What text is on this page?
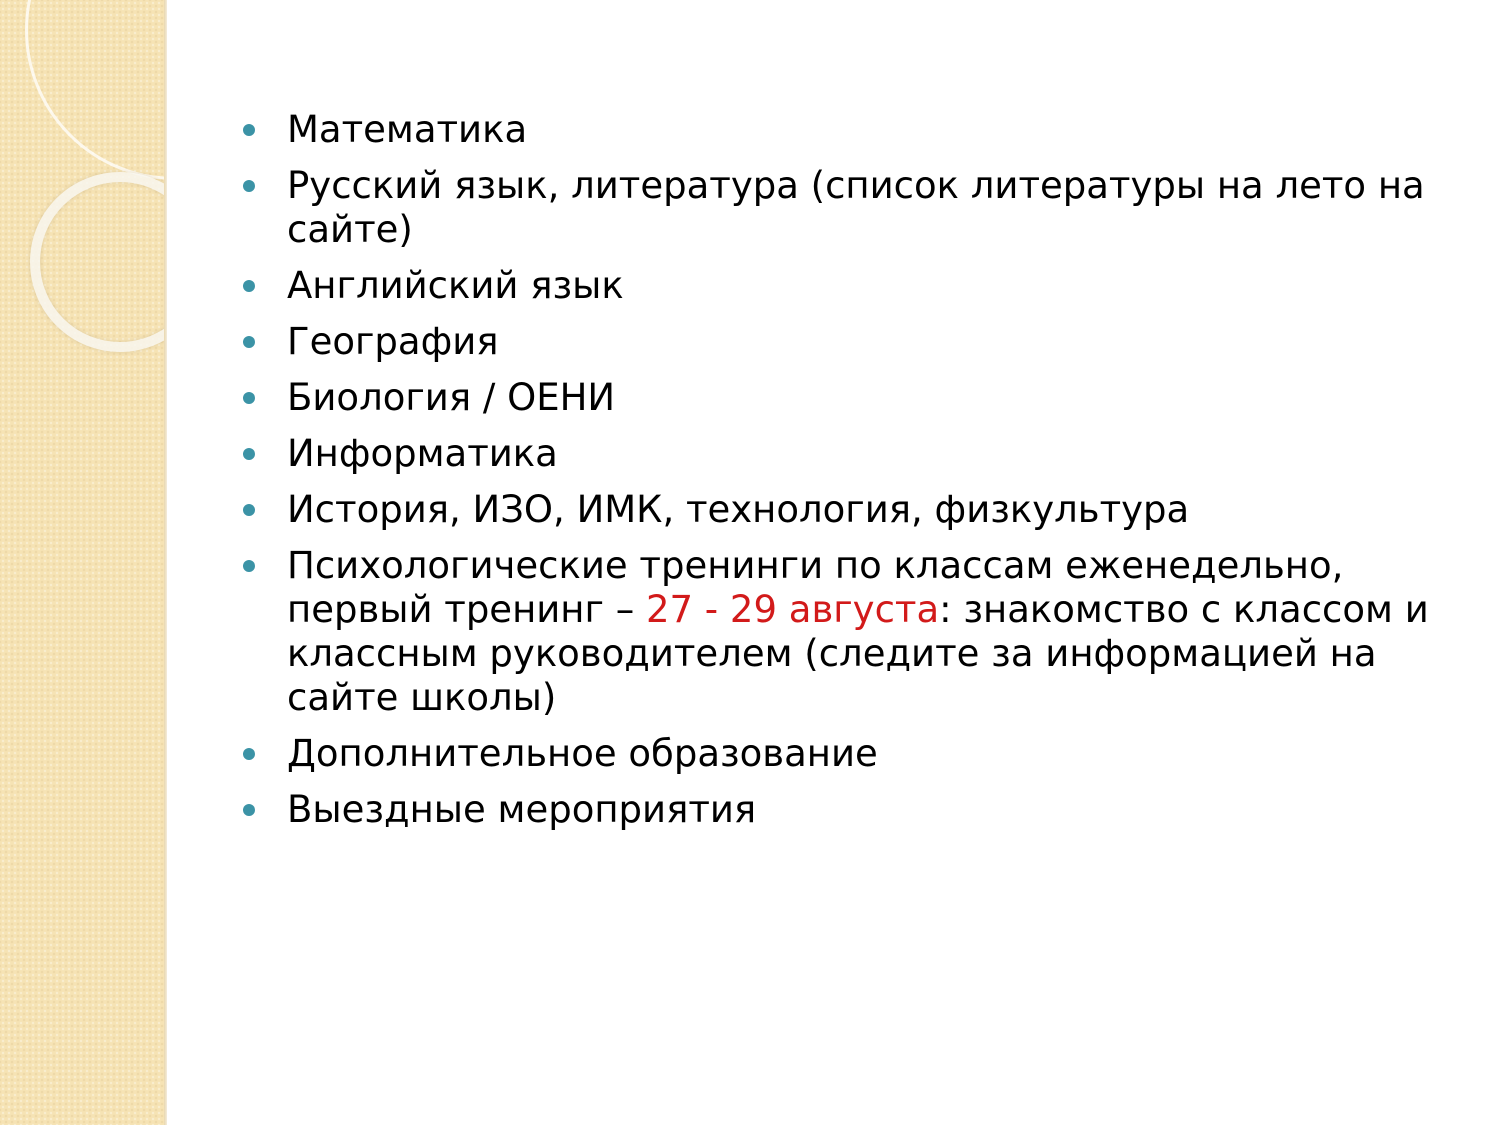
Математика
Русский язык, литература (список литературы на лето на сайте)
Английский язык
География
Биология / ОЕНИ
Информатика
История, ИЗО, ИМК, технология, физкультура
Психологические тренинги по классам еженедельно, первый тренинг – 27 - 29 августа: знакомство с классом и классным руководителем (следите за информацией на сайте школы)
Дополнительное образование
Выездные мероприятия
